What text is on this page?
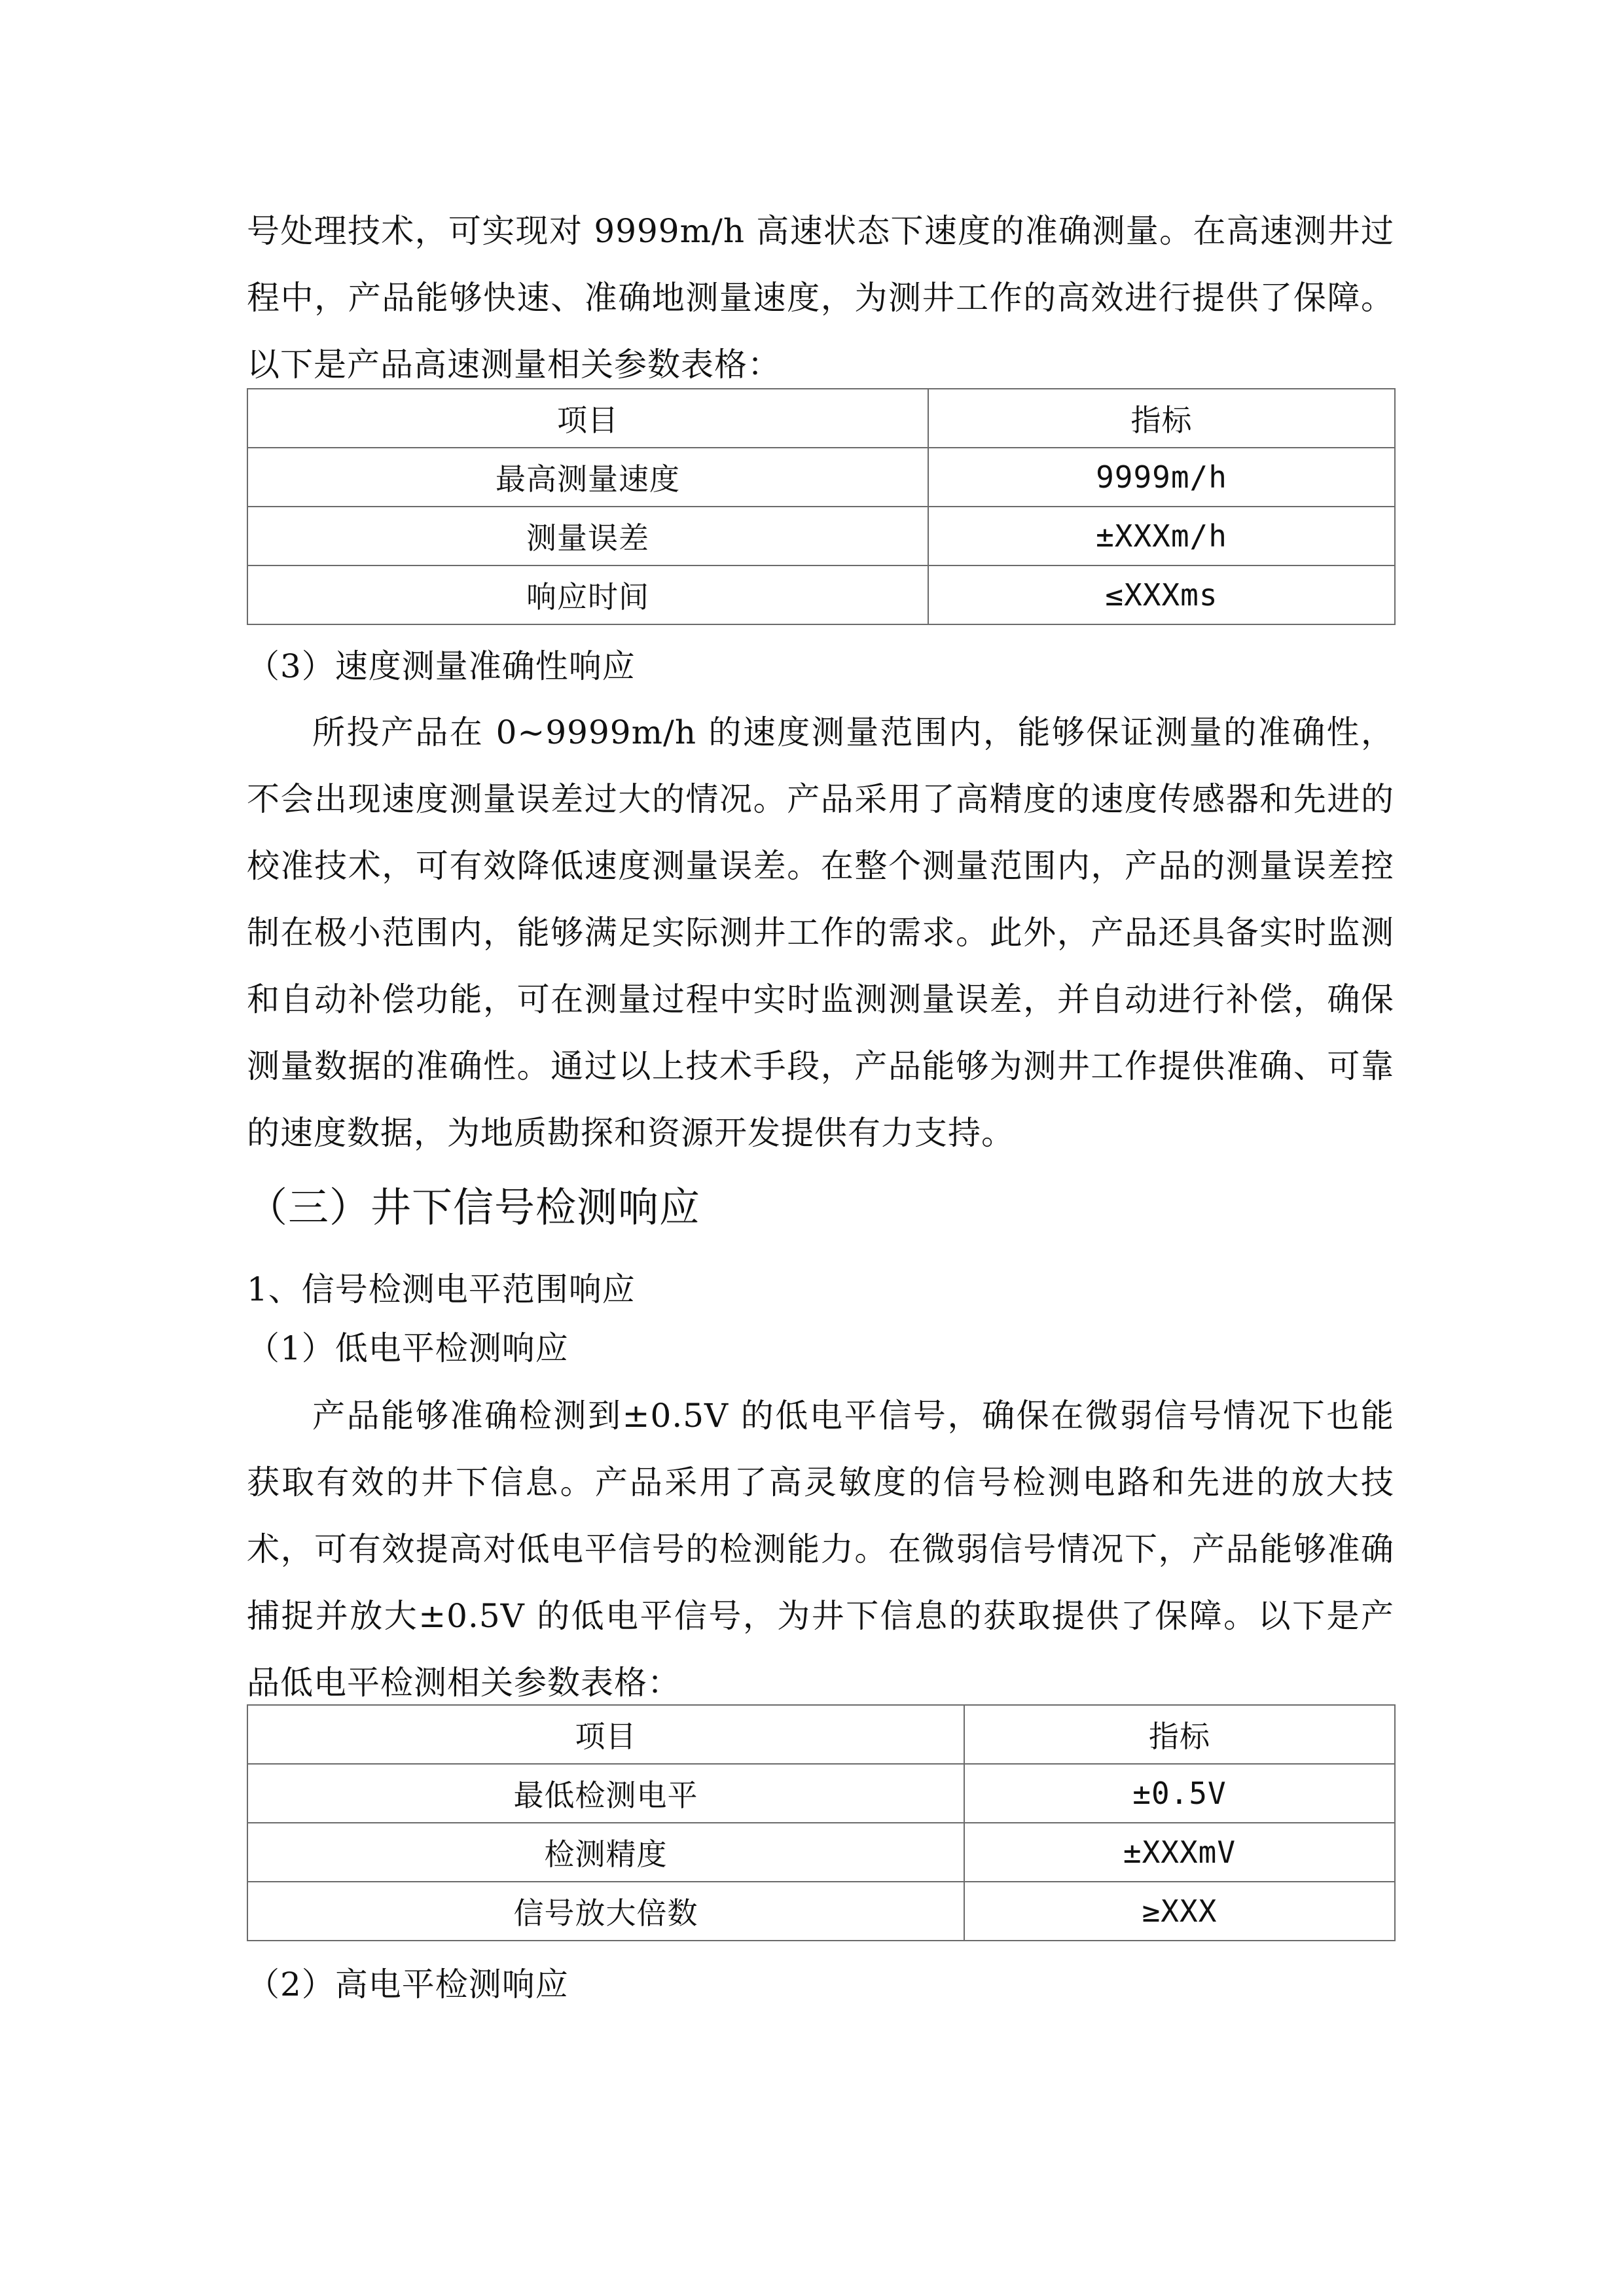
号处理技术，可实现对 9999m/h 高速状态下速度的准确测量。在高速测井过程中，产品能够快速、准确地测量速度，为测井工作的高效进行提供了保障。以下是产品高速测量相关参数表格：

项目	指标
最高测量速度	9999m/h
测量误差	±XXXm/h
响应时间	≤XXXms
（3）速度测量准确性响应

所投产品在 0~9999m/h 的速度测量范围内，能够保证测量的准确性，不会出现速度测量误差过大的情况。产品采用了高精度的速度传感器和先进的校准技术，可有效降低速度测量误差。在整个测量范围内，产品的测量误差控制在极小范围内，能够满足实际测井工作的需求。此外，产品还具备实时监测和自动补偿功能，可在测量过程中实时监测测量误差，并自动进行补偿，确保测量数据的准确性。通过以上技术手段，产品能够为测井工作提供准确、可靠的速度数据，为地质勘探和资源开发提供有力支持。

（三）井下信号检测响应
1、信号检测电平范围响应
（1）低电平检测响应

产品能够准确检测到±0.5V 的低电平信号，确保在微弱信号情况下也能获取有效的井下信息。产品采用了高灵敏度的信号检测电路和先进的放大技术，可有效提高对低电平信号的检测能力。在微弱信号情况下，产品能够准确捕捉并放大±0.5V 的低电平信号，为井下信息的获取提供了保障。以下是产品低电平检测相关参数表格：

项目	指标
最低检测电平	±0.5V
检测精度	±XXXmV
信号放大倍数	≥XXX
（2）高电平检测响应
